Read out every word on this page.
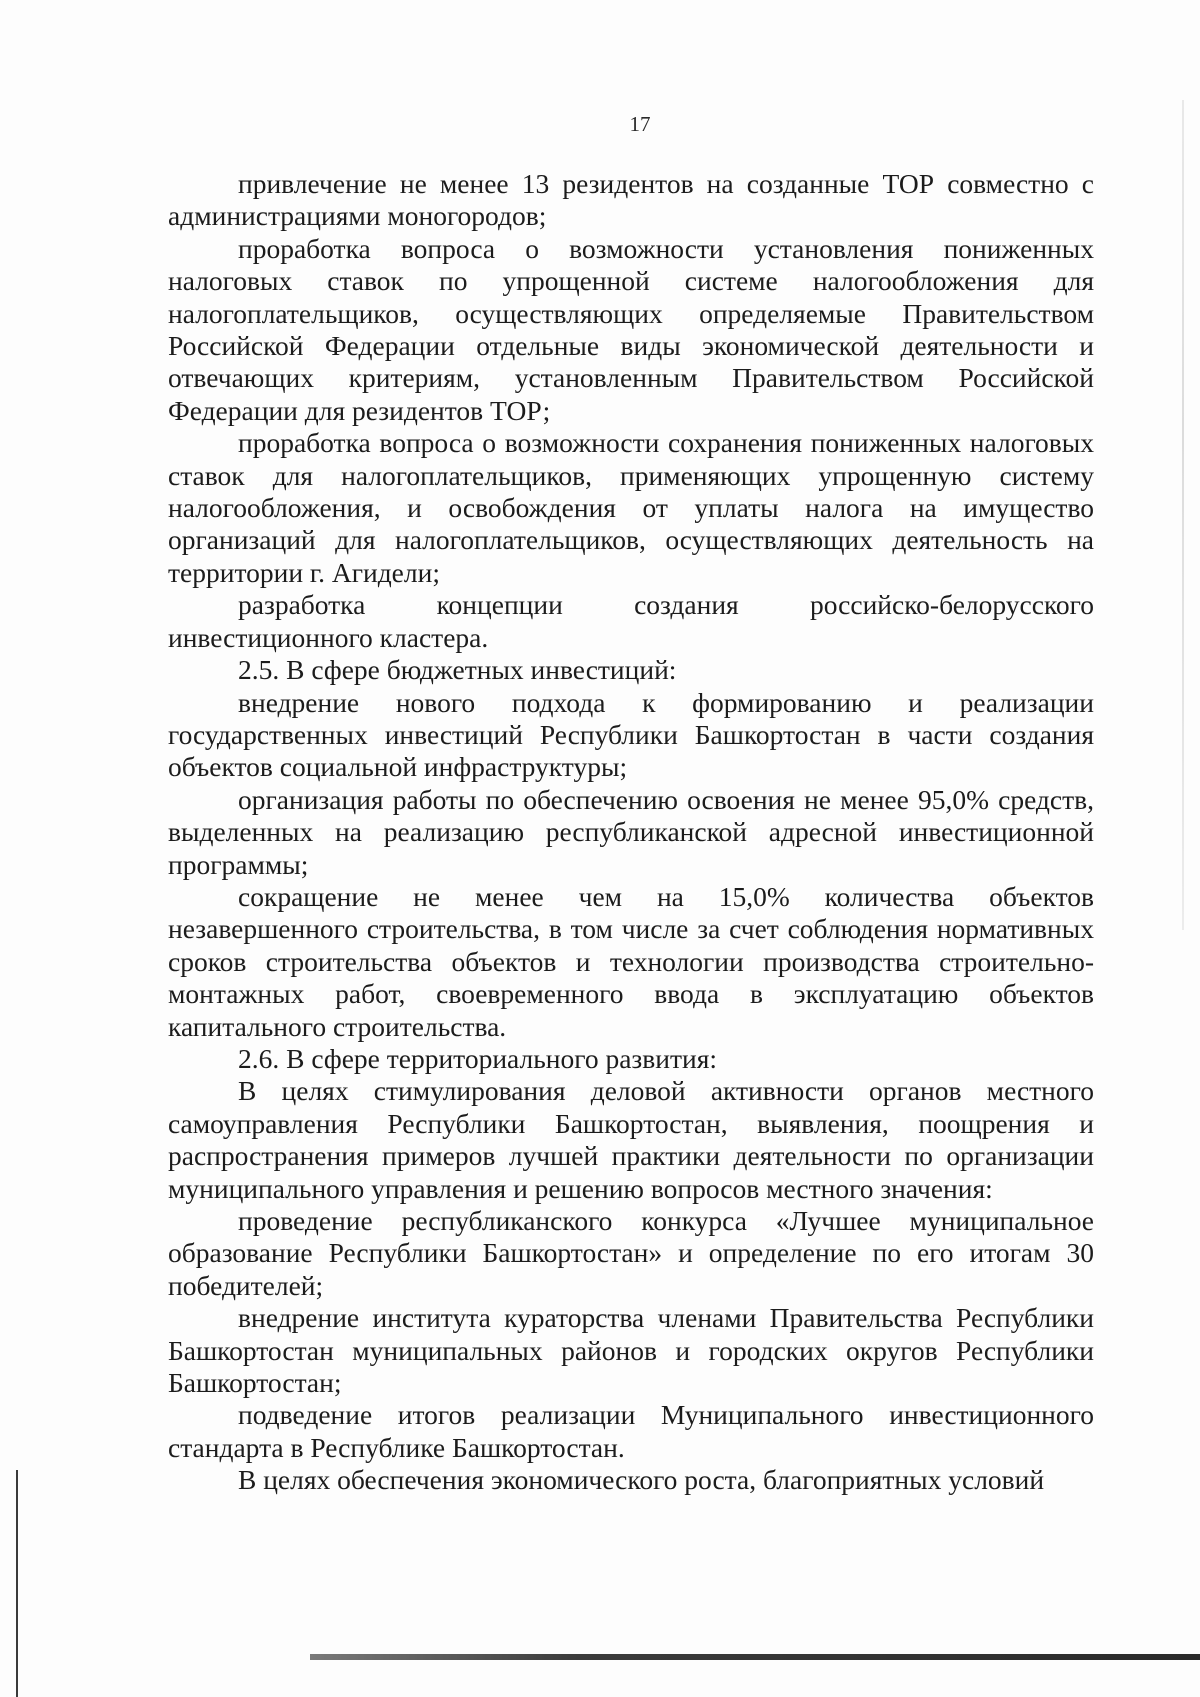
17

привлечение не менее 13 резидентов на созданные ТОР совместно с администрациями моногородов;

проработка вопроса о возможности установления пониженных налоговых ставок по упрощенной системе налогообложения для налогоплательщиков, осуществляющих определяемые Правительством Российской Федерации отдельные виды экономической деятельности и отвечающих критериям, установленным Правительством Российской Федерации для резидентов ТОР;

проработка вопроса о возможности сохранения пониженных налоговых ставок для налогоплательщиков, применяющих упрощенную систему налогообложения, и освобождения от уплаты налога на имущество организаций для налогоплательщиков, осуществляющих деятельность на территории г. Агидели;

разработка концепции создания российско-белорусского инвестиционного кластера.

2.5. В сфере бюджетных инвестиций:

внедрение нового подхода к формированию и реализации государственных инвестиций Республики Башкортостан в части создания объектов социальной инфраструктуры;

организация работы по обеспечению освоения не менее 95,0% средств, выделенных на реализацию республиканской адресной инвестиционной программы;

сокращение не менее чем на 15,0% количества объектов незавершенного строительства, в том числе за счет соблюдения нормативных сроков строительства объектов и технологии производства строительно-монтажных работ, своевременного ввода в эксплуатацию объектов капитального строительства.

2.6. В сфере территориального развития:

В целях стимулирования деловой активности органов местного самоуправления Республики Башкортостан, выявления, поощрения и распространения примеров лучшей практики деятельности по организации муниципального управления и решению вопросов местного значения:

проведение республиканского конкурса «Лучшее муниципальное образование Республики Башкортостан» и определение по его итогам 30 победителей;

внедрение института кураторства членами Правительства Республики Башкортостан муниципальных районов и городских округов Республики Башкортостан;

подведение итогов реализации Муниципального инвестиционного стандарта в Республике Башкортостан.

В целях обеспечения экономического роста, благоприятных условий
